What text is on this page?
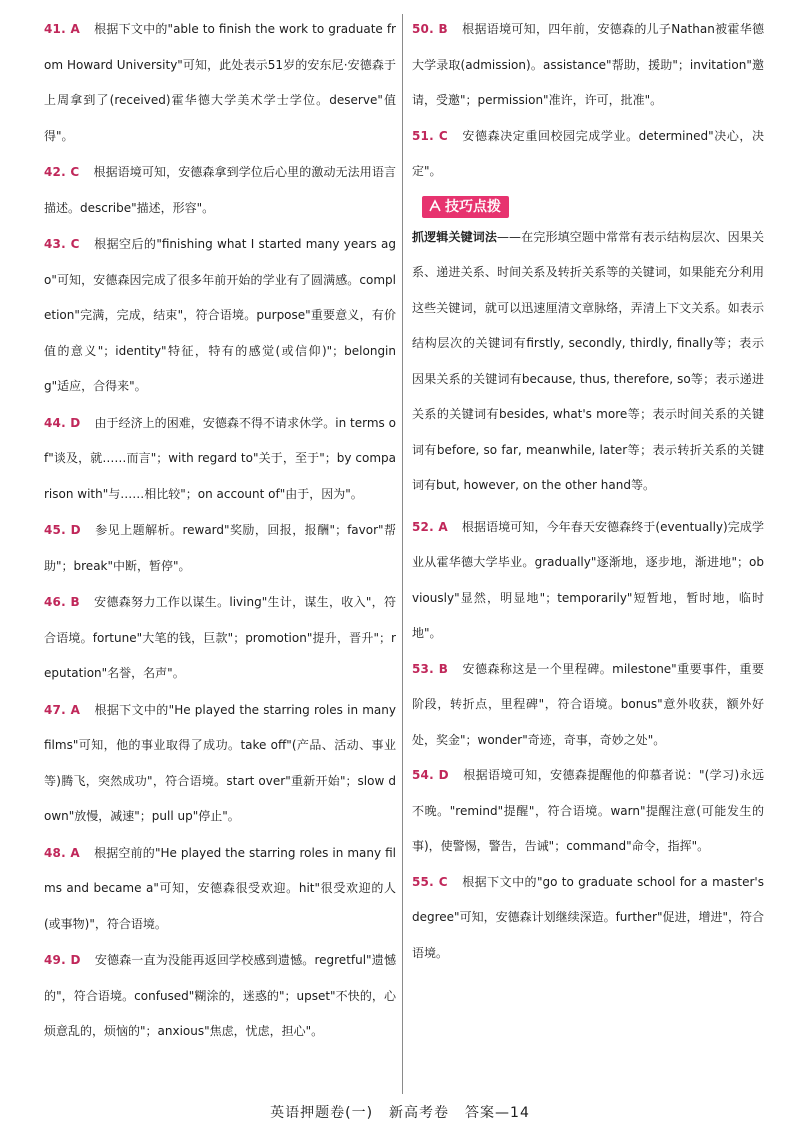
41. A 根据下文中的"able to finish the work to graduate from Howard University"可知，此处表示51岁的安东尼·安德森于上周拿到了(received)霍华德大学美术学士学位。deserve"值得"。
42. C 根据语境可知，安德森拿到学位后心里的激动无法用语言描述。describe"描述，形容"。
43. C 根据空后的"finishing what I started many years ago"可知，安德森因完成了很多年前开始的学业有了圆满感。completion"完满，完成，结束"，符合语境。purpose"重要意义，有价值的意义"；identity"特征，特有的感觉(或信仰)"；belonging"适应，合得来"。
44. D 由于经济上的困难，安德森不得不请求休学。in terms of"谈及，就……而言"；with regard to"关于，至于"；by comparison with"与……相比较"；on account of"由于，因为"。
45. D 参见上题解析。reward"奖励，回报，报酬"；favor"帮助"；break"中断，暂停"。
46. B 安德森努力工作以谋生。living"生计，谋生，收入"，符合语境。fortune"大笔的钱，巨款"；promotion"提升，晋升"；reputation"名誉，名声"。
47. A 根据下文中的"He played the starring roles in many films"可知，他的事业取得了成功。take off"(产品、活动、事业等)腾飞，突然成功"，符合语境。start over"重新开始"；slow down"放慢，减速"；pull up"停止"。
48. A 根据空前的"He played the starring roles in many films and became a"可知，安德森很受欢迎。hit"很受欢迎的人(或事物)"，符合语境。
49. D 安德森一直为没能再返回学校感到遗憾。regretful"遗憾的"，符合语境。confused"糊涂的，迷惑的"；upset"不快的，心烦意乱的，烦恼的"；anxious"焦虑，忧虑，担心"。
50. B 根据语境可知，四年前，安德森的儿子Nathan被霍华德大学录取(admission)。assistance"帮助，援助"；invitation"邀请，受邀"；permission"准许，许可，批准"。
51. C 安德森决定重回校园完成学业。determined"决心，决定"。
技巧点拨
抓逻辑关键词法——在完形填空题中常常有表示结构层次、因果关系、递进关系、时间关系及转折关系等的关键词，如果能充分利用这些关键词，就可以迅速厘清文章脉络，弄清上下文关系。如表示结构层次的关键词有firstly, secondly, thirdly, finally等；表示因果关系的关键词有because, thus, therefore, so等；表示递进关系的关键词有besides, what's more等；表示时间关系的关键词有before, so far, meanwhile, later等；表示转折关系的关键词有but, however, on the other hand等。
52. A 根据语境可知，今年春天安德森终于(eventually)完成学业从霍华德大学毕业。gradually"逐渐地，逐步地，渐进地"；obviously"显然，明显地"；temporarily"短暂地，暂时地，临时地"。
53. B 安德森称这是一个里程碑。milestone"重要事件，重要阶段，转折点，里程碑"，符合语境。bonus"意外收获，额外好处，奖金"；wonder"奇迹，奇事，奇妙之处"。
54. D 根据语境可知，安德森提醒他的仰慕者说："(学习)永远不晚。"remind"提醒"，符合语境。warn"提醒注意(可能发生的事)，使警惕，警告，告诫"；command"命令，指挥"。
55. C 根据下文中的"go to graduate school for a master's degree"可知，安德森计划继续深造。further"促进，增进"，符合语境。
英语押题卷(一) 新高考卷 答案—14
